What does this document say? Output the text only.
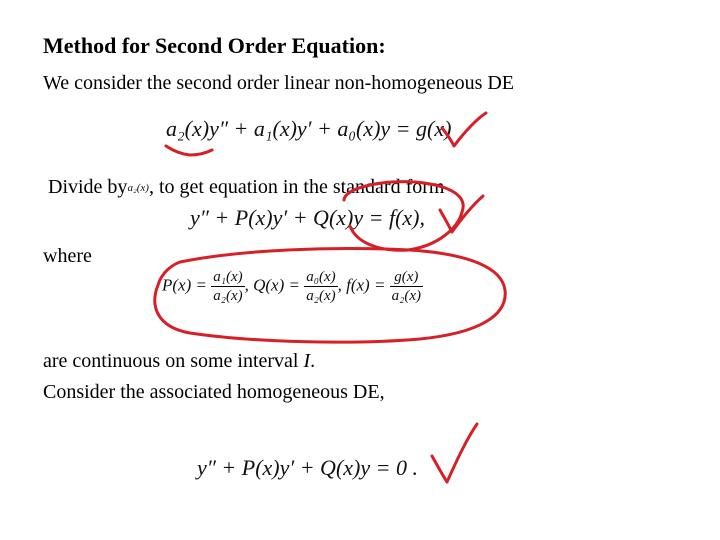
Method for Second Order Equation:
We consider the second order linear non-homogeneous DE
a₂(x)y″ + a₁(x)y′ + a₀(x)y = g(x)
Divide bya₂(x), to get equation in the standard form
y″ + P(x)y′ + Q(x)y = f(x),
where
$P(x) = \frac{\text{a₁(x)}}{\text{a₂(x)}}$ , $Q(x) = \frac{\text{a₀(x)}}{\text{a₂(x)}}$ , $f(x) = \frac{g(x)}{\text{a₂(x)}}$
are continuous on some interval I.
Consider the associated homogeneous DE,
y″ + P(x)y′ + Q(x)y = 0 .
